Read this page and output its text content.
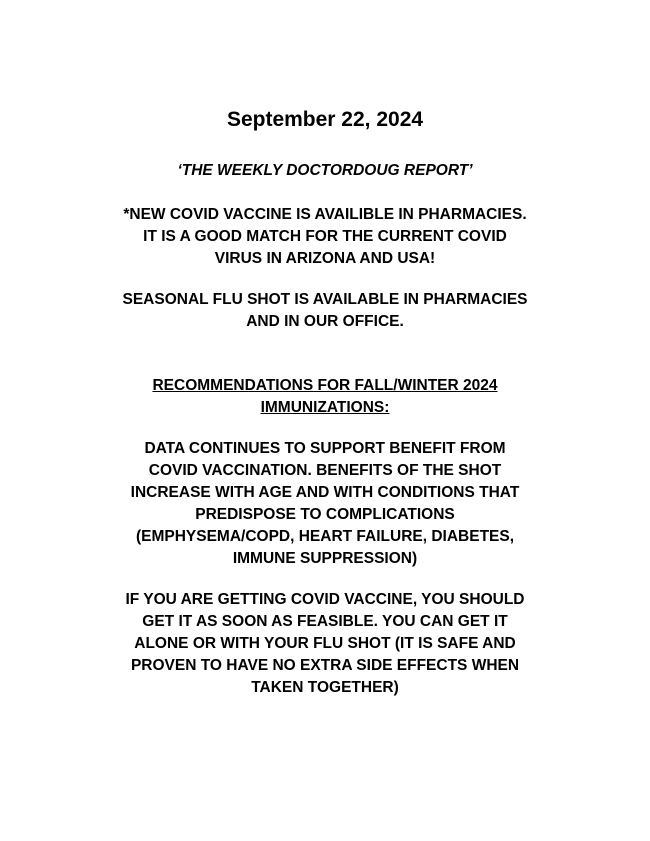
September 22, 2024
‘THE WEEKLY DOCTORDOUG REPORT’
*NEW COVID VACCINE IS AVAILIBLE IN PHARMACIES.
IT IS A GOOD MATCH FOR THE CURRENT COVID
VIRUS IN ARIZONA AND USA!
SEASONAL FLU SHOT IS AVAILABLE IN PHARMACIES
AND IN OUR OFFICE.
RECOMMENDATIONS FOR FALL/WINTER 2024
IMMUNIZATIONS:
DATA CONTINUES TO SUPPORT BENEFIT FROM
COVID VACCINATION. BENEFITS OF THE SHOT
INCREASE WITH AGE AND WITH CONDITIONS THAT
PREDISPOSE TO COMPLICATIONS
(EMPHYSEMA/COPD, HEART FAILURE, DIABETES,
IMMUNE SUPPRESSION)
IF YOU ARE GETTING COVID VACCINE, YOU SHOULD
GET IT AS SOON AS FEASIBLE. YOU CAN GET IT
ALONE OR WITH YOUR FLU SHOT (IT IS SAFE AND
PROVEN TO HAVE NO EXTRA SIDE EFFECTS WHEN
TAKEN TOGETHER)
